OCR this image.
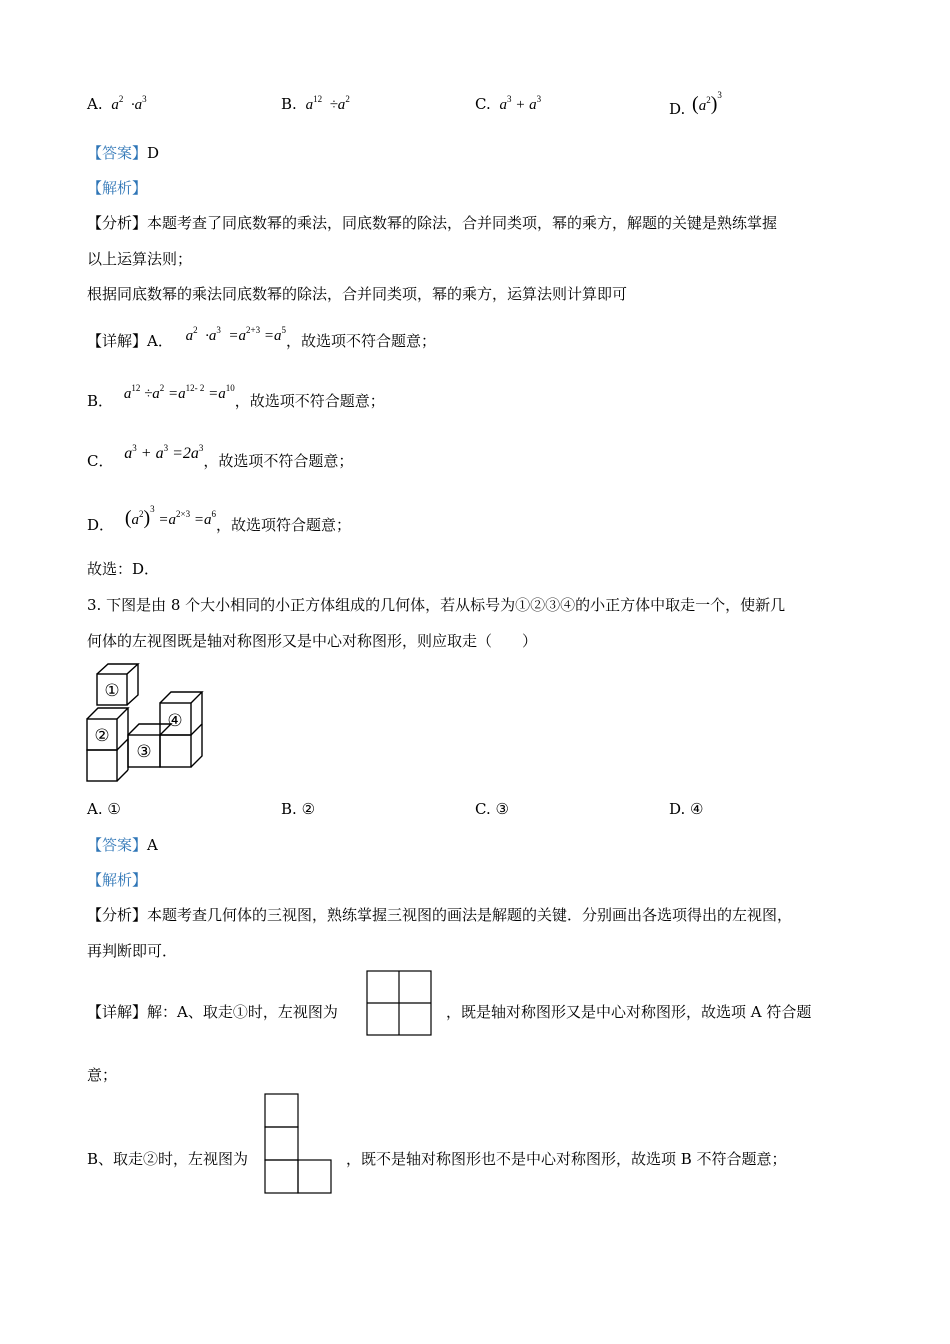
A. $a^2 \cdot a^3$	B. $a^{12} \div a^2$	C. $a^3 + a^3$
D. $(a^2)^3$
【答案】D
【解析】
【分析】本题考查了同底数幂的乘法，同底数幂的除法，合并同类项，幂的乘方，解题的关键是熟练掌握
以上运算法则；
根据同底数幂的乘法同底数幂的除法，合并同类项，幂的乘方，运算法则计算即可
【详解】A． $a^2 \cdot a^3 =a^{2+3} =a^5$，故选项不符合题意；
B． $a^{12} \div a^2 =a^{12- 2} =a^{10}$，故选项不符合题意；
C． $a^3 + a^3 =2a^3$，故选项不符合题意；
D． $(a^2)^3 =a^{2\times 3} =a^6$，故选项符合题意；
故选：D．
3. 下图是由 8 个大小相同的小正方体组成的几何体，若从标号为①②③④的小正方体中取走一个，使新几
何体的左视图既是轴对称图形又是中心对称图形，则应取走（　　）
①
②
③
④
A. ①	B. ②	C. ③	D. ④
【答案】A
【解析】
【分析】本题考查几何体的三视图，熟练掌握三视图的画法是解题的关键．分别画出各选项得出的左视图，
再判断即可．
【详解】解：A、取走①时，左视图为	，既是轴对称图形又是中心对称图形，故选项 A 符合题
意；
B、取走②时，左视图为	，既不是轴对称图形也不是中心对称图形，故选项 B 不符合题意；
